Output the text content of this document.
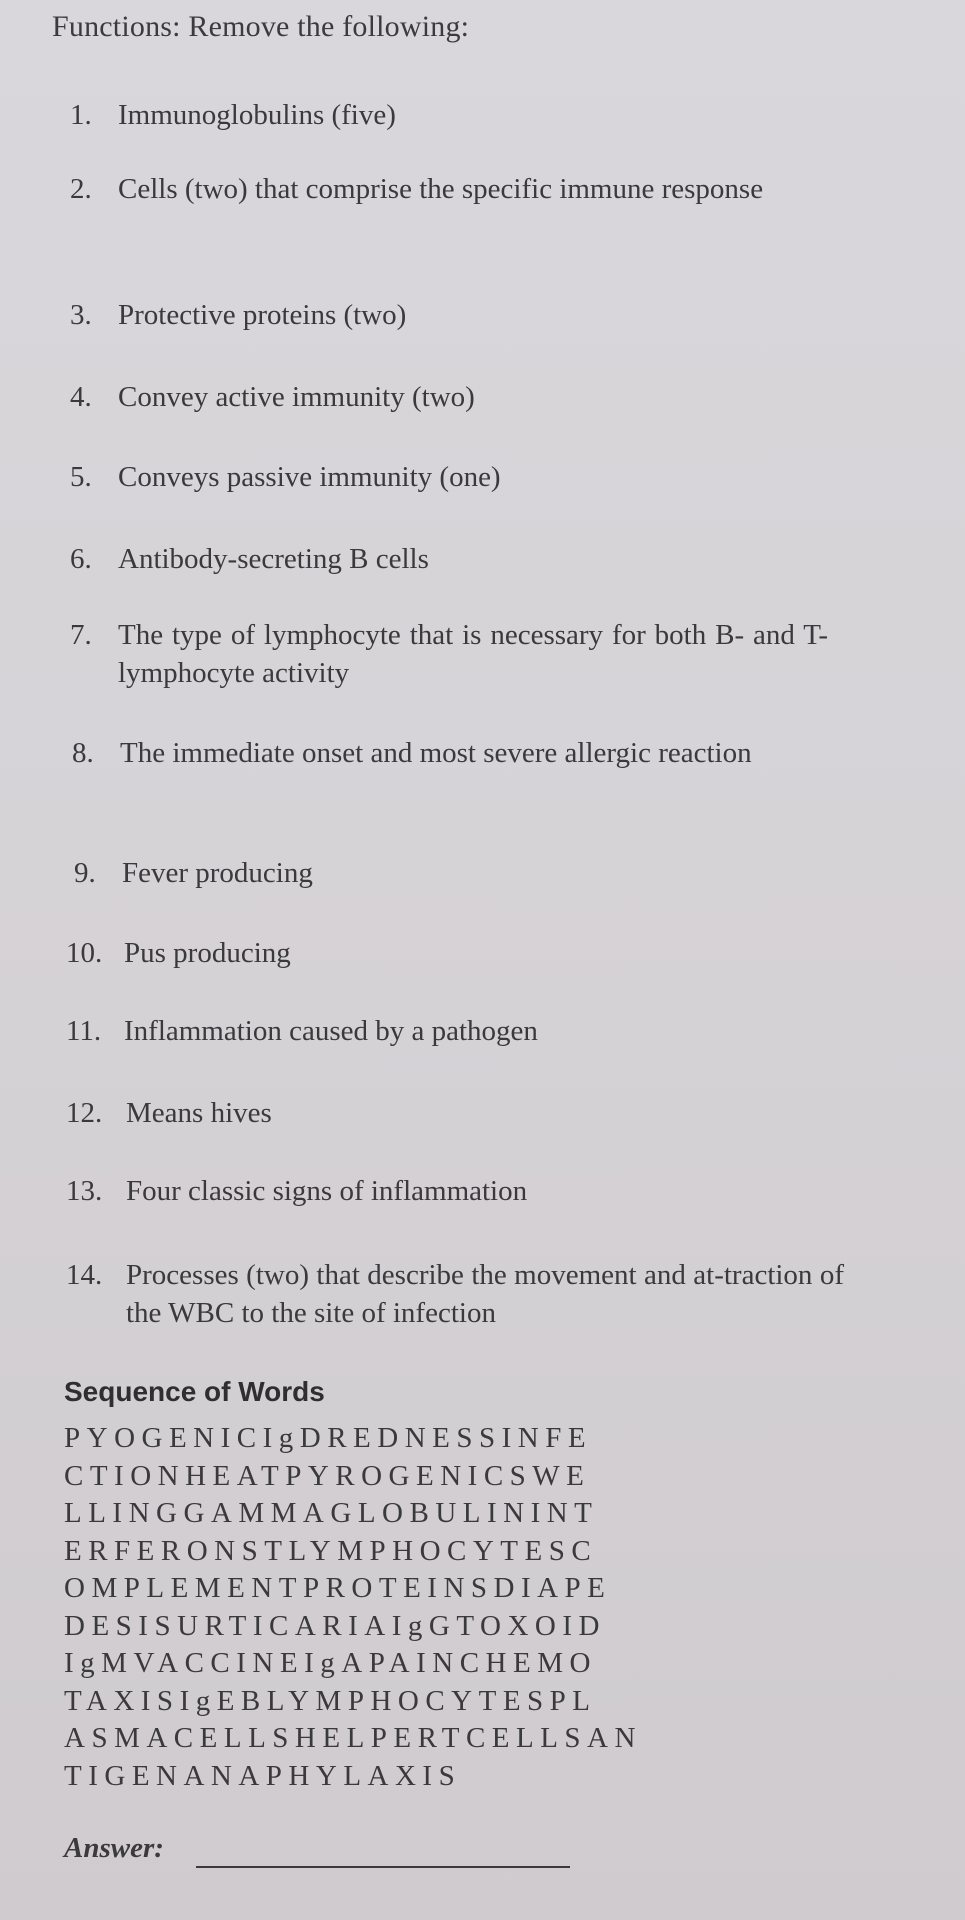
Functions: Remove the following:
1. Immunoglobulins (five)
2. Cells (two) that comprise the specific immune response
3. Protective proteins (two)
4. Convey active immunity (two)
5. Conveys passive immunity (one)
6. Antibody-secreting B cells
7. The type of lymphocyte that is necessary for both B- and T-lymphocyte activity
8. The immediate onset and most severe allergic reaction
9. Fever producing
10. Pus producing
11. Inflammation caused by a pathogen
12. Means hives
13. Four classic signs of inflammation
14. Processes (two) that describe the movement and at-traction of the WBC to the site of infection
Sequence of Words
PYOGENICIgDREDNESSINFE
CTIONHEATPYROGENICSWE
LLINGGAMMAGLOBULININT
ERFERONSTLYMPHOCYTESC
OMPLEMENTPROTEINSDIAPE
DESISURTICARIAIgGTOXOID
IgMVACCINEIgAPAINCHEMO
TAXISIgEBLYMPHOCYTESPL
ASMACELLSHELPERTCELLSAN
TIGENANAPHYLAXIS
Answer:
